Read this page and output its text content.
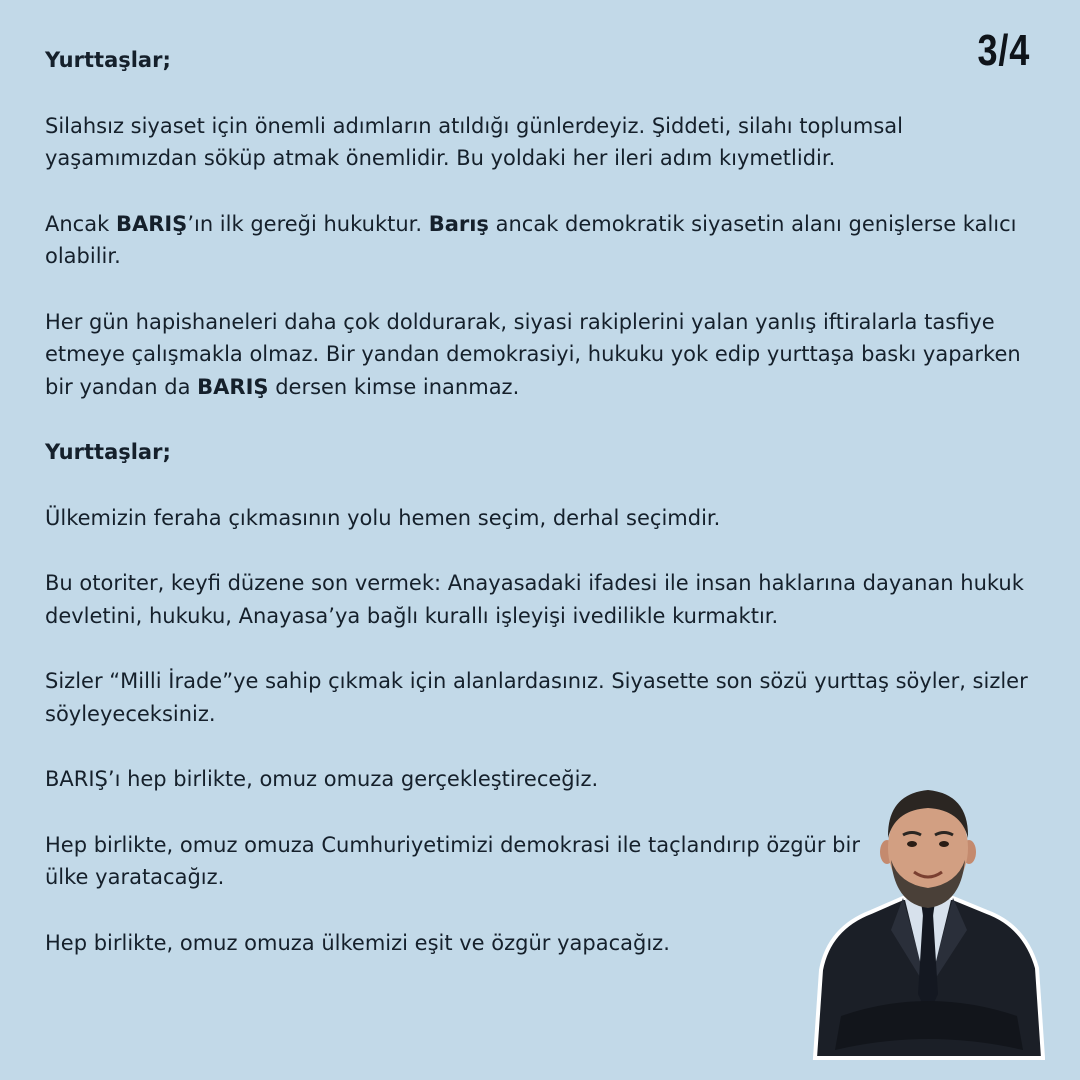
3/4

Yurttaşlar;

Silahsız siyaset için önemli adımların atıldığı günlerdeyiz. Şiddeti, silahı toplumsal yaşamımızdan söküp atmak önemlidir. Bu yoldaki her ileri adım kıymetlidir.

Ancak BARIŞ’ın ilk gereği hukuktur. Barış ancak demokratik siyasetin alanı genişlerse kalıcı olabilir.

Her gün hapishaneleri daha çok doldurarak, siyasi rakiplerini yalan yanlış iftiralarla tasfiye etmeye çalışmakla olmaz. Bir yandan demokrasiyi, hukuku yok edip yurttaşa baskı yaparken bir yandan da BARIŞ dersen kimse inanmaz.

Yurttaşlar;

Ülkemizin feraha çıkmasının yolu hemen seçim, derhal seçimdir.

Bu otoriter, keyfi düzene son vermek: Anayasadaki ifadesi ile insan haklarına dayanan hukuk devletini, hukuku, Anayasa’ya bağlı kurallı işleyişi ivedilikle kurmaktır.

Sizler “Milli İrade”ye sahip çıkmak için alanlardasınız. Siyasette son sözü yurttaş söyler, sizler söyleyeceksiniz.

BARIŞ’ı hep birlikte, omuz omuza gerçekleştireceğiz.

Hep birlikte, omuz omuza Cumhuriyetimizi demokrasi ile taçlandırıp özgür bir ülke yaratacağız.

Hep birlikte, omuz omuza ülkemizi eşit ve özgür yapacağız.
